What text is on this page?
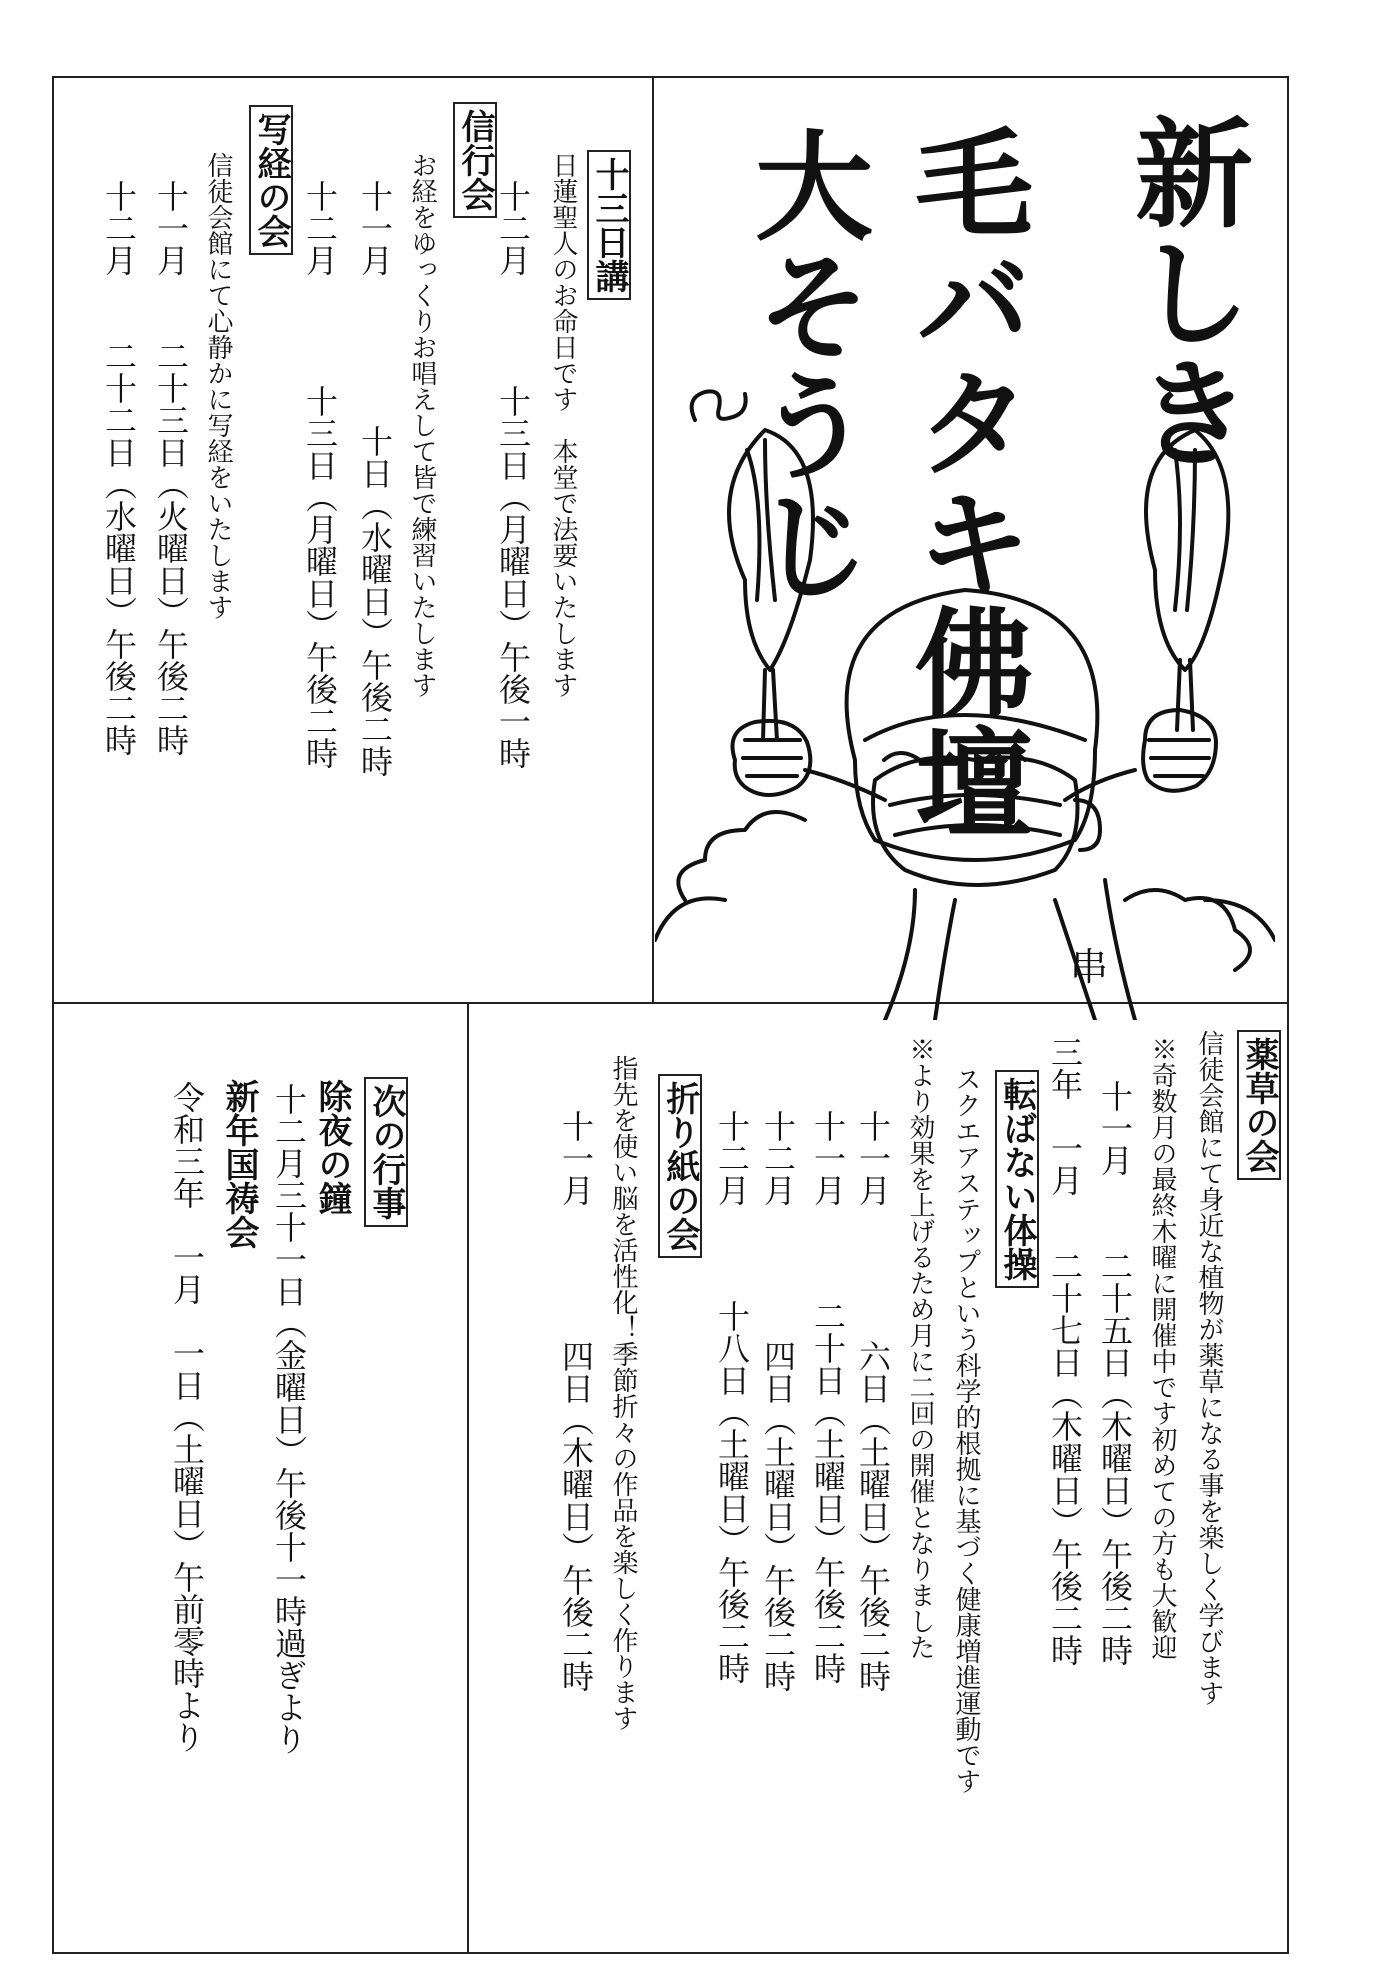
新しき
毛バタキ佛壇
大そうじ
串
十三日講
日蓮聖人のお命日です　本堂で法要いたします
十二月
十三日（月曜日）午後一時
信行会
お経をゆっくりお唱えして皆で練習いたします
十一月
十日（水曜日）午後二時
十二月
十三日（月曜日）午後二時
写経の会
信徒会館にて心静かに写経をいたします
十一月
二十三日（火曜日）午後二時
十二月
二十二日（水曜日）午後二時
薬草の会
信徒会館にて身近な植物が薬草になる事を楽しく学びます
※奇数月の最終木曜に開催中です初めての方も大歓迎
十一月
二十五日（木曜日）午後二時
三年　一月
二十七日（木曜日）午後二時
転ばない体操
スクエアステップという科学的根拠に基づく健康増進運動です
※より効果を上げるため月に二回の開催となりました
十一月
六日（土曜日）午後二時
十一月
二十日（土曜日）午後二時
十二月
四日（土曜日）午後二時
十二月
十八日（土曜日）午後二時
折り紙の会
指先を使い脳を活性化！季節折々の作品を楽しく作ります
十一月
四日（木曜日）午後二時
次の行事
除夜の鐘
十二月三十一日（金曜日）午後十一時過ぎより
新年国祷会
令和三年　一月　一日（土曜日）午前零時より
